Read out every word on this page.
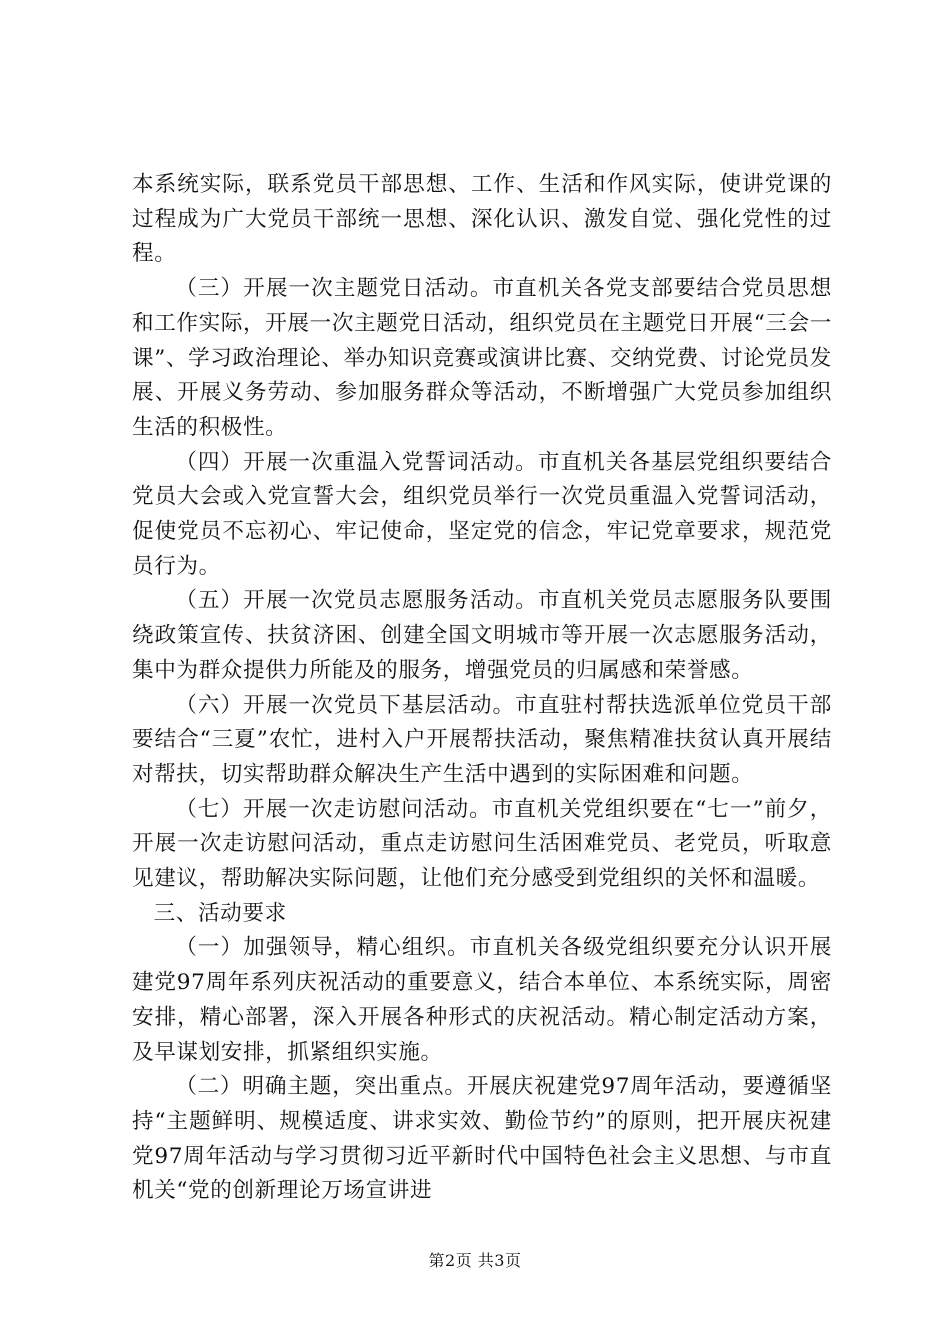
本系统实际，联系党员干部思想、工作、生活和作风实际，使讲党课的过程成为广大党员干部统一思想、深化认识、激发自觉、强化党性的过程。

（三）开展一次主题党日活动。市直机关各党支部要结合党员思想和工作实际，开展一次主题党日活动，组织党员在主题党日开展“三会一课”、学习政治理论、举办知识竞赛或演讲比赛、交纳党费、讨论党员发展、开展义务劳动、参加服务群众等活动，不断增强广大党员参加组织生活的积极性。

（四）开展一次重温入党誓词活动。市直机关各基层党组织要结合党员大会或入党宣誓大会，组织党员举行一次党员重温入党誓词活动，促使党员不忘初心、牢记使命，坚定党的信念，牢记党章要求，规范党员行为。

（五）开展一次党员志愿服务活动。市直机关党员志愿服务队要围绕政策宣传、扶贫济困、创建全国文明城市等开展一次志愿服务活动，集中为群众提供力所能及的服务，增强党员的归属感和荣誉感。

（六）开展一次党员下基层活动。市直驻村帮扶选派单位党员干部要结合“三夏”农忙，进村入户开展帮扶活动，聚焦精准扶贫认真开展结对帮扶，切实帮助群众解决生产生活中遇到的实际困难和问题。

（七）开展一次走访慰问活动。市直机关党组织要在“七一”前夕，开展一次走访慰问活动，重点走访慰问生活困难党员、老党员，听取意见建议，帮助解决实际问题，让他们充分感受到党组织的关怀和温暖。

三、活动要求

（一）加强领导，精心组织。市直机关各级党组织要充分认识开展建党97周年系列庆祝活动的重要意义，结合本单位、本系统实际，周密安排，精心部署，深入开展各种形式的庆祝活动。精心制定活动方案，及早谋划安排，抓紧组织实施。

（二）明确主题，突出重点。开展庆祝建党97周年活动，要遵循坚持“主题鲜明、规模适度、讲求实效、勤俭节约”的原则，把开展庆祝建党97周年活动与学习贯彻习近平新时代中国特色社会主义思想、与市直机关“党的创新理论万场宣讲进

第2页 共3页
